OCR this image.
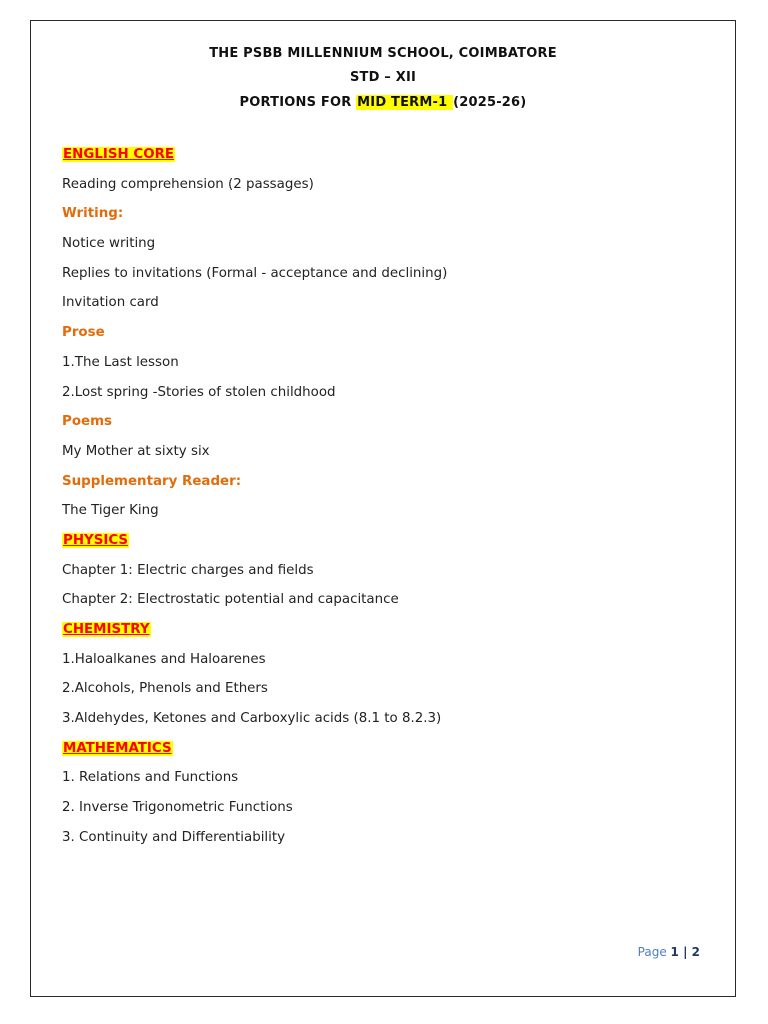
THE PSBB MILLENNIUM SCHOOL, COIMBATORE
STD – XII
PORTIONS FOR MID TERM-1 (2025-26)
ENGLISH CORE
Reading comprehension (2 passages)
Writing:
Notice writing
Replies to invitations (Formal - acceptance and declining)
Invitation card
Prose
1.The Last lesson
2.Lost spring -Stories of stolen childhood
Poems
My Mother at sixty six
Supplementary Reader:
The Tiger King
PHYSICS
Chapter 1: Electric charges and fields
Chapter 2: Electrostatic potential and capacitance
CHEMISTRY
1.Haloalkanes and Haloarenes
2.Alcohols, Phenols and Ethers
3.Aldehydes, Ketones and Carboxylic acids (8.1 to 8.2.3)
MATHEMATICS
1. Relations and Functions
2. Inverse Trigonometric Functions
3. Continuity and Differentiability
Page 1 | 2
